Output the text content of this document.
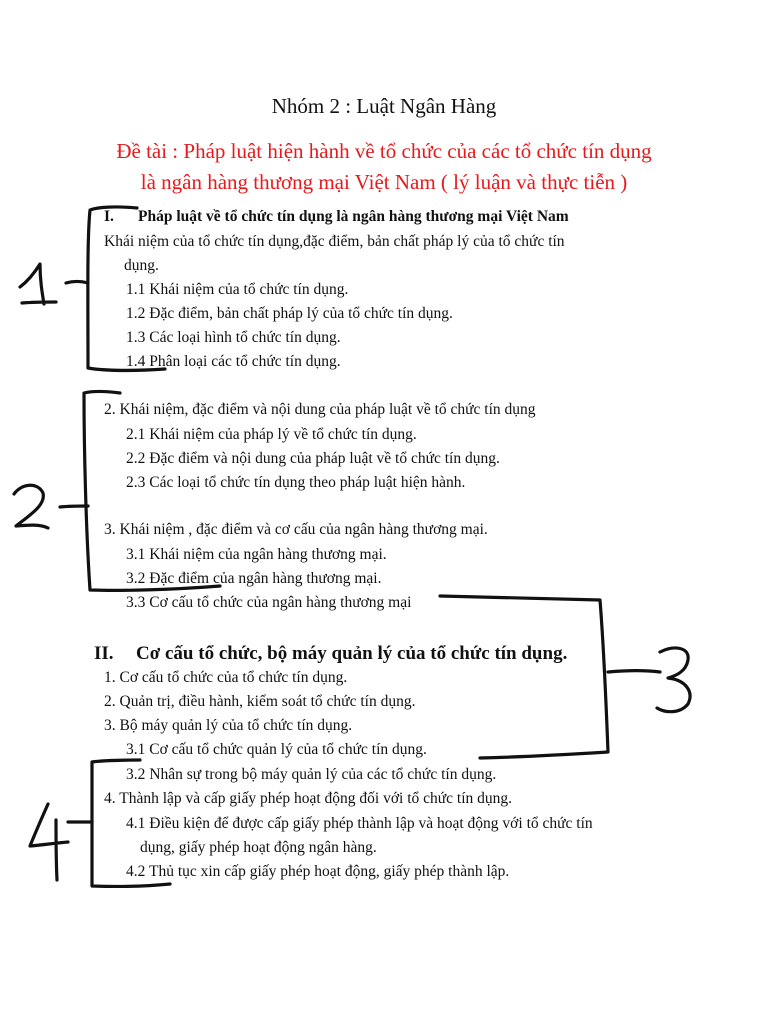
Nhóm 2 : Luật Ngân Hàng
Đề tài : Pháp luật hiện hành về tổ chức của các tổ chức tín dụng
là ngân hàng thương mại Việt Nam ( lý luận và thực tiễn )
I. Pháp luật về tổ chức tín dụng là ngân hàng thương mại Việt Nam
Khái niệm của tổ chức tín dụng,đặc điểm, bản chất pháp lý của tổ chức tín
dụng.
1.1 Khái niệm của tổ chức tín dụng.
1.2 Đặc điểm, bản chất pháp lý của tổ chức tín dụng.
1.3 Các loại hình tổ chức tín dụng.
1.4 Phân loại các tổ chức tín dụng.
2. Khái niệm, đặc điểm và nội dung của pháp luật về tổ chức tín dụng
2.1 Khái niệm của pháp lý về tổ chức tín dụng.
2.2 Đặc điểm và nội dung của pháp luật về tổ chức tín dụng.
2.3 Các loại tổ chức tín dụng theo pháp luật hiện hành.
3. Khái niệm , đặc điểm và cơ cấu của ngân hàng thương mại.
3.1 Khái niệm của ngân hàng thương mại.
3.2 Đặc điểm của ngân hàng thương mại.
3.3 Cơ cấu tổ chức của ngân hàng thương mại
II. Cơ cấu tổ chức, bộ máy quản lý của tổ chức tín dụng.
1. Cơ cấu tổ chức của tổ chức tín dụng.
2. Quản trị, điều hành, kiểm soát tổ chức tín dụng.
3. Bộ máy quản lý của tổ chức tín dụng.
3.1 Cơ cấu tổ chức quản lý của tổ chức tín dụng.
3.2 Nhân sự trong bộ máy quản lý của các tổ chức tín dụng.
4. Thành lập và cấp giấy phép hoạt động đối với tổ chức tín dụng.
4.1 Điều kiện để được cấp giấy phép thành lập và hoạt động với tổ chức tín
dụng, giấy phép hoạt động ngân hàng.
4.2 Thủ tục xin cấp giấy phép hoạt động, giấy phép thành lập.
